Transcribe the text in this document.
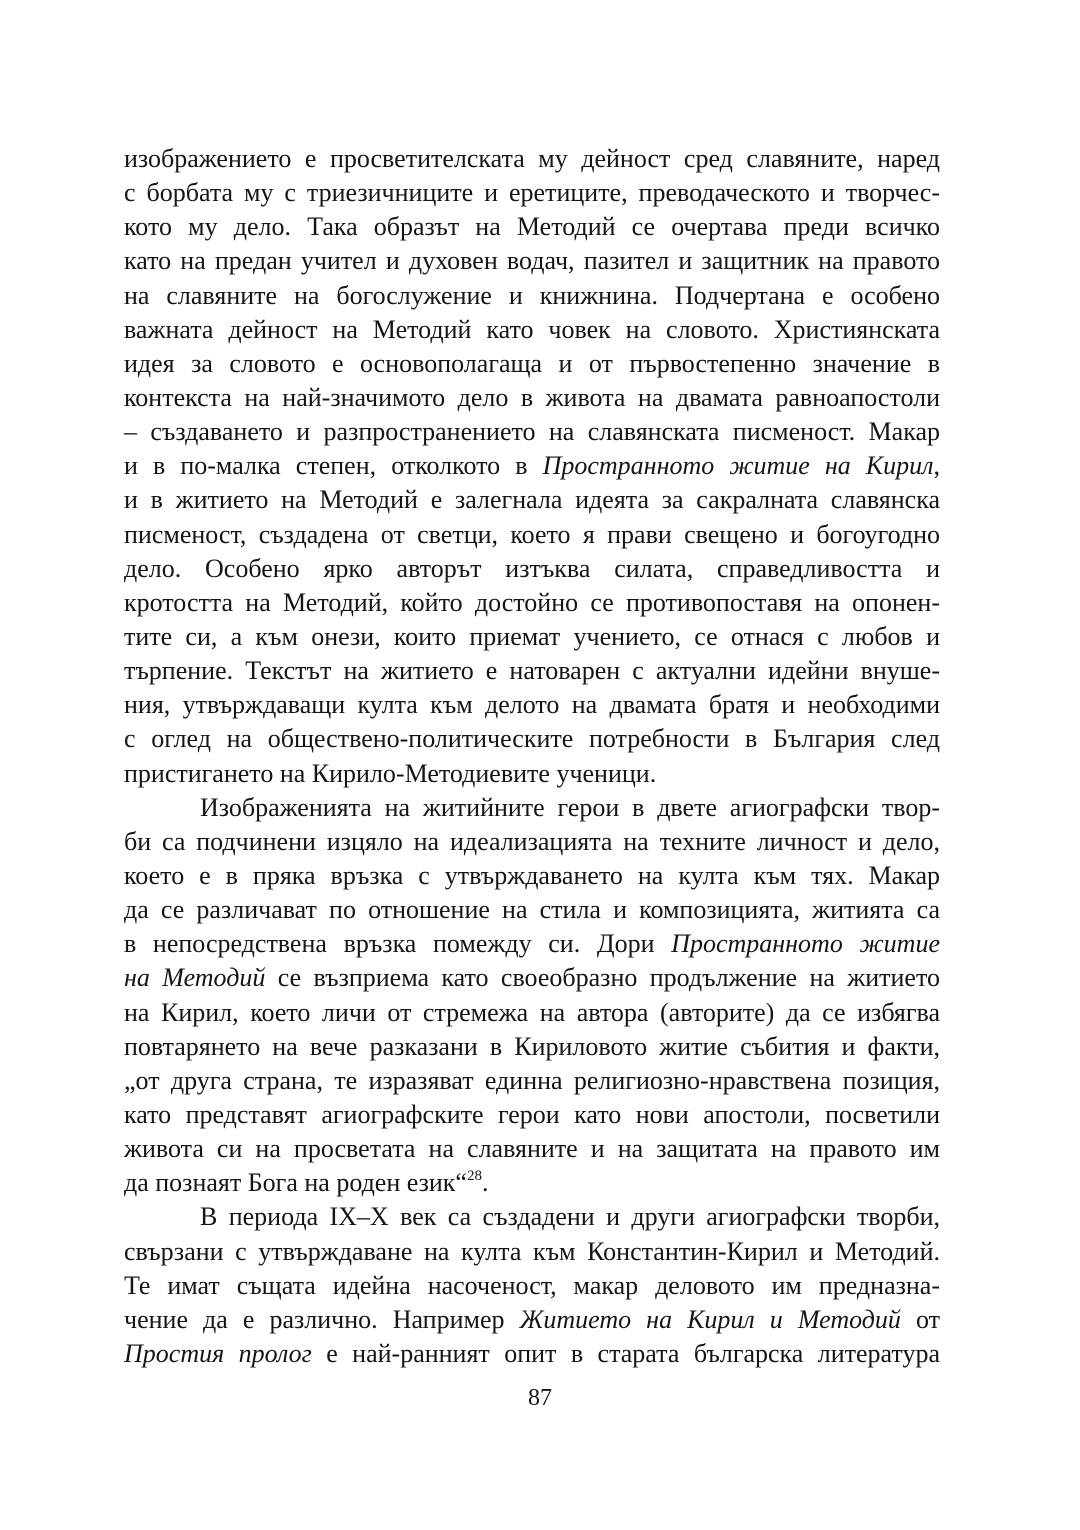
изображението е просветителската му дейност сред славяните, наред
с борбата му с триезичниците и еретиците, преводаческото и творчес-
кото му дело. Така образът на Методий се очертава преди всичко
като на предан учител и духовен водач, пазител и защитник на правото
на славяните на богослужение и книжнина. Подчертана е особено
важната дейност на Методий като човек на словото. Християнската
идея за словото е основополагаща и от първостепенно значение в
контекста на най-значимото дело в живота на двамата равноапостоли
– създаването и разпространението на славянската писменост. Макар
и в по-малка степен, отколкото в Пространното житие на Кирил,
и в житието на Методий е залегнала идеята за сакралната славянска
писменост, създадена от светци, което я прави свещено и богоугодно
дело. Особено ярко авторът изтъква силата, справедливостта и
кротостта на Методий, който достойно се противопоставя на опонен-
тите си, а към онези, които приемат учението, се отнася с любов и
търпение. Текстът на житието е натоварен с актуални идейни внуше-
ния, утвърждаващи култа към делото на двамата братя и необходими
с оглед на обществено-политическите потребности в България след
пристигането на Кирило-Методиевите ученици.
Изображенията на житийните герои в двете агиографски твор-
би са подчинени изцяло на идеализацията на техните личност и дело,
което е в пряка връзка с утвърждаването на култа към тях. Макар
да се различават по отношение на стила и композицията, житията са
в непосредствена връзка помежду си. Дори Пространното житие
на Методий се възприема като своеобразно продължение на житието
на Кирил, което личи от стремежа на автора (авторите) да се избягва
повтарянето на вече разказани в Кириловото житие събития и факти,
„от друга страна, те изразяват единна религиозно-нравствена позиция,
като представят агиографските герои като нови апостоли, посветили
живота си на просветата на славяните и на защитата на правото им
да познаят Бога на роден език“$^{28}$.
В периода IX–X век са създадени и други агиографски творби,
свързани с утвърждаване на култа към Константин-Кирил и Методий.
Те имат същата идейна насоченост, макар деловото им предназна-
чение да е различно. Например Житието на Кирил и Методий от
Простия пролог е най-ранният опит в старата българска литература
87
